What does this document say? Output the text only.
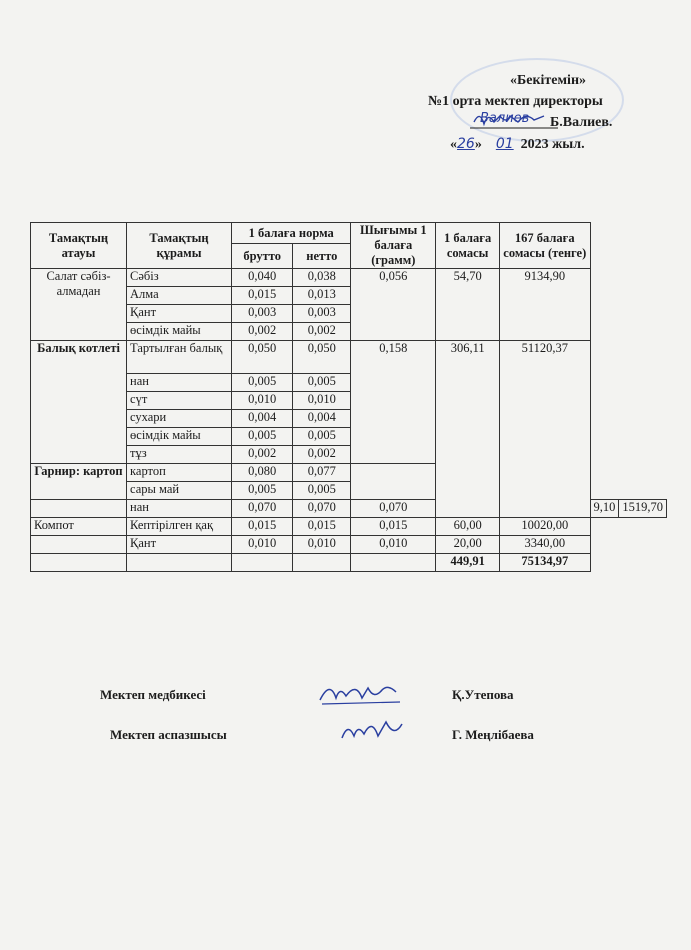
«Бекітемін»
№1 орта мектеп директоры
Б.Валиев.
«26» 01 2023 жыл.
Валиев
Тамақтың атауы	Тамақтың құрамы	1 балаға норма		Шығымы 1 балаға (грамм)	1 балаға сомасы	167 балаға сомасы (тенге)		
		брутто	нетто					
Салат сәбіз-алмадан	Сәбіз	0,040	0,038	0,056	54,70	9134,90		
	Алма	0,015	0,013					
	Қант	0,003	0,003					
	өсімдік майы	0,002	0,002					
Балық котлеті	Тартылған балық	0,050	0,050	0,158	306,11	51120,37		
	нан	0,005	0,005					
	сүт	0,010	0,010					
	сухари	0,004	0,004					
	өсімдік майы	0,005	0,005					
	тұз	0,002	0,002					
Гарнир: картоп	картоп	0,080	0,077					
	сары май	0,005	0,005					
	нан	0,070	0,070	0,070			9,10	1519,70
Компот	Кептірілген қақ	0,015	0,015	0,015	60,00	10020,00		
	Қант	0,010	0,010	0,010	20,00	3340,00		
					449,91	75134,97		
Мектеп медбикесі	Қ.Утепова
Мектеп аспазшысы	Г. Меңлібаева
